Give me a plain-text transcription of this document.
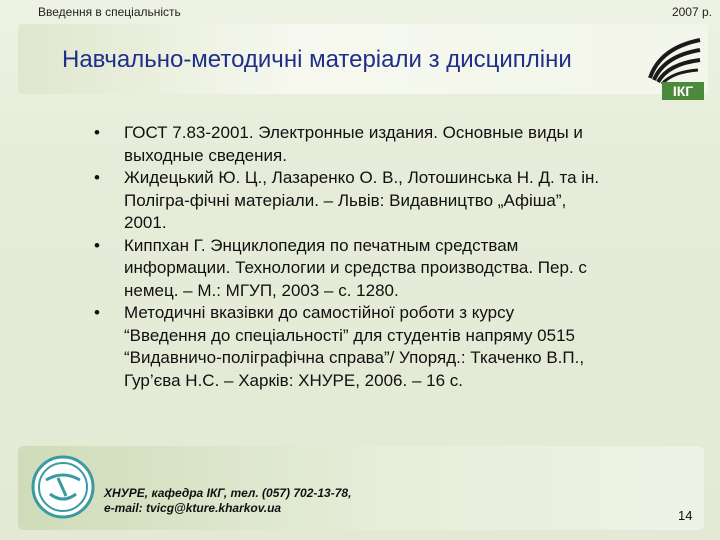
Введення в спеціальність	2007 р.
Навчально-методичні матеріали з дисципліни
ІКГ
•	ГОСТ 7.83-2001. Электронные издания. Основные виды и
выходные сведения.
•	Жидецький Ю. Ц., Лазаренко О. В., Лотошинська Н. Д. та ін.
Полігра-фічні матеріали. – Львів: Видавництво „Афіша”,
2001.
•	Киппхан Г. Энциклопедия по печатным средствам
информации. Технологии и средства производства. Пер. с
немец. – М.: МГУП, 2003 – с. 1280.
•	Методичні вказівки до самостійної роботи з курсу
“Введення до спеціальності” для студентів напряму 0515
“Видавничо-поліграфічна справа”/ Упоряд.: Ткаченко В.П.,
Гур’єва Н.С. – Харків: ХНУРЕ, 2006. – 16 с.
ХНУРЕ, кафедра ІКГ, тел. (057) 702-13-78,
e-mail: tvicg@kture.kharkov.ua	14
